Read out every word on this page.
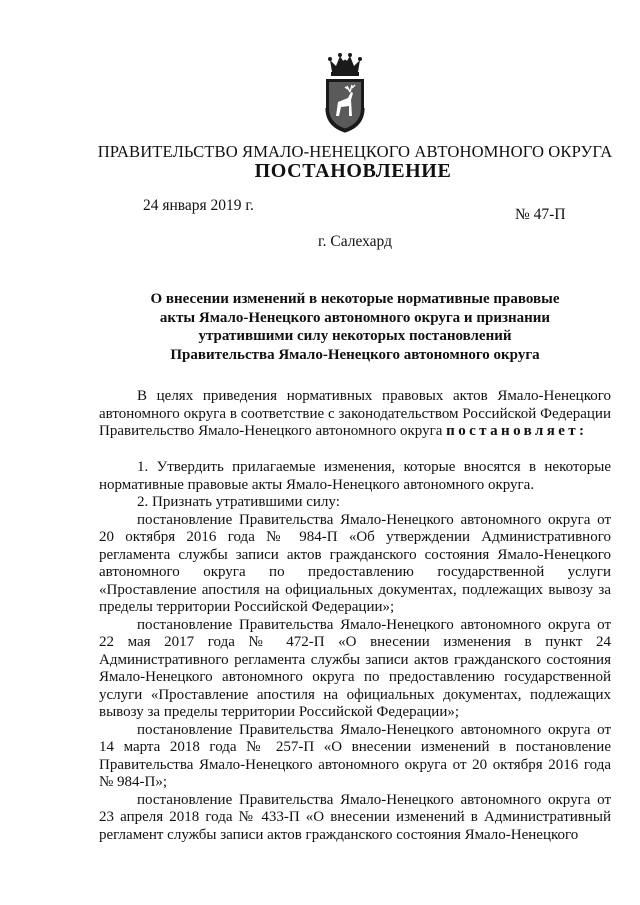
ПРАВИТЕЛЬСТВО ЯМАЛО-НЕНЕЦКОГО АВТОНОМНОГО ОКРУГА
ПОСТАНОВЛЕНИЕ
24 января 2019 г.
№ 47-П
г. Салехард
О внесении изменений в некоторые нормативные правовые
акты Ямало-Ненецкого автономного округа и признании
утратившими силу некоторых постановлений
Правительства Ямало-Ненецкого автономного округа

В целях приведения нормативных правовых актов Ямало-Ненецкого автономного округа в соответствие с законодательством Российской Федерации Правительство Ямало-Ненецкого автономного округа постановляет:

1. Утвердить прилагаемые изменения, которые вносятся в некоторые нормативные правовые акты Ямало-Ненецкого автономного округа.

2. Признать утратившими силу:

постановление Правительства Ямало-Ненецкого автономного округа от 20 октября 2016 года № 984-П «Об утверждении Административного регламента службы записи актов гражданского состояния Ямало-Ненецкого автономного округа по предоставлению государственной услуги «Проставление апостиля на официальных документах, подлежащих вывозу за пределы территории Российской Федерации»;

постановление Правительства Ямало-Ненецкого автономного округа от 22 мая 2017 года № 472-П «О внесении изменения в пункт 24 Административного регламента службы записи актов гражданского состояния Ямало-Ненецкого автономного округа по предоставлению государственной услуги «Проставление апостиля на официальных документах, подлежащих вывозу за пределы территории Российской Федерации»;

постановление Правительства Ямало-Ненецкого автономного округа от 14 марта 2018 года № 257-П «О внесении изменений в постановление Правительства Ямало-Ненецкого автономного округа от 20 октября 2016 года № 984-П»;

постановление Правительства Ямало-Ненецкого автономного округа от 23 апреля 2018 года № 433-П «О внесении изменений в Административный регламент службы записи актов гражданского состояния Ямало-Ненецкого
